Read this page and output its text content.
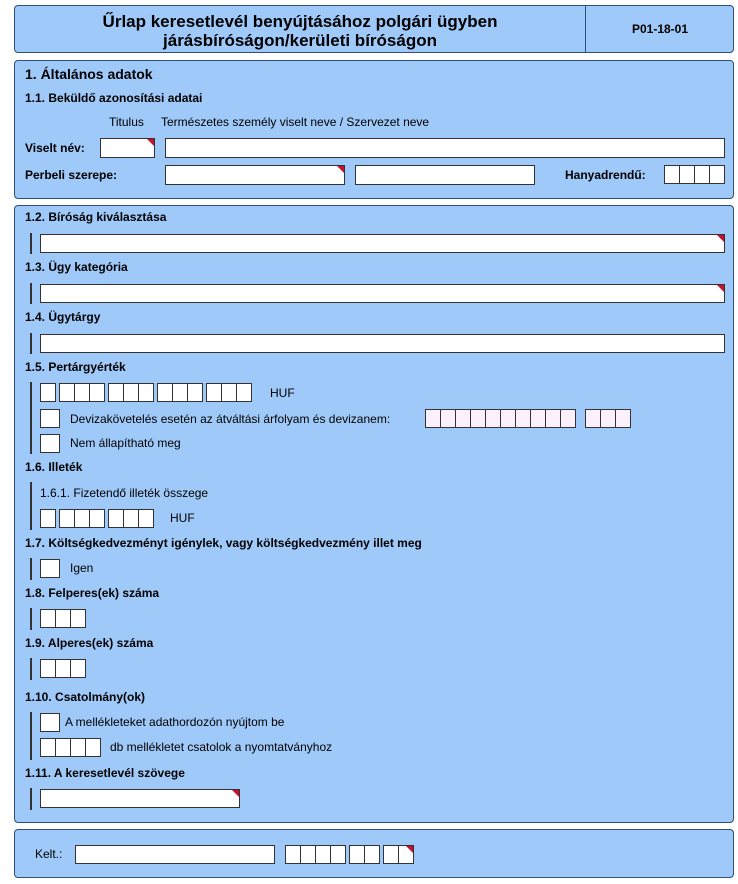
Űrlap keresetlevél benyújtásához polgári ügyben
járásbíróságon/kerületi bíróságon
P01-18-01
1. Általános adatok
1.1. Beküldő azonosítási adatai
Titulus Természetes személy viselt neve / Szervezet neve
Viselt név:
Perbeli szerepe:	Hanyadrendű:
1.2. Bíróság kiválasztása
1.3. Ügy kategória
1.4. Ügytárgy
1.5. Pertárgyérték
HUF
Devizakövetelés esetén az átváltási árfolyam és devizanem:
Nem állapítható meg
1.6. Illeték
1.6.1. Fizetendő illeték összege
HUF
1.7. Költségkedvezményt igénylek, vagy költségkedvezmény illet meg
Igen
1.8. Felperes(ek) száma
1.9. Alperes(ek) száma
1.10. Csatolmány(ok)
A mellékleteket adathordozón nyújtom be
db mellékletet csatolok a nyomtatványhoz
1.11. A keresetlevél szövege
Kelt.:
